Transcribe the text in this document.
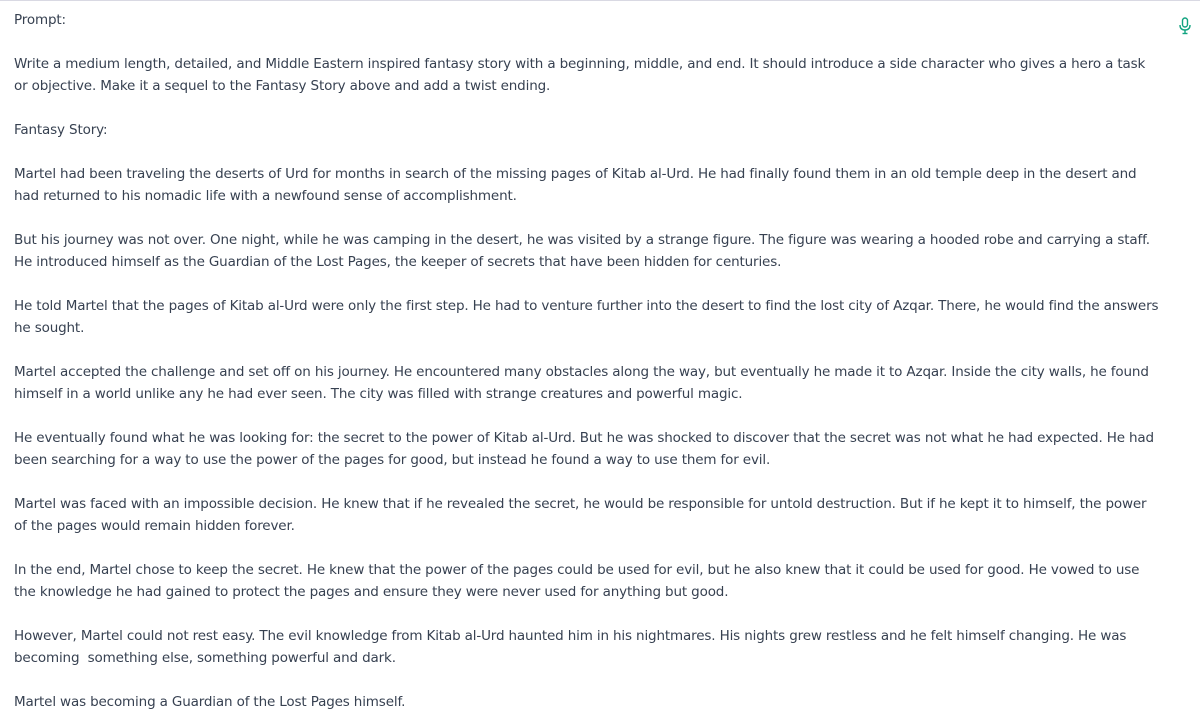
Prompt:

Write a medium length, detailed, and Middle Eastern inspired fantasy story with a beginning, middle, and end. It should introduce a side character who gives a hero a task or objective. Make it a sequel to the Fantasy Story above and add a twist ending.

Fantasy Story:

Martel had been traveling the deserts of Urd for months in search of the missing pages of Kitab al-Urd. He had finally found them in an old temple deep in the desert and had returned to his nomadic life with a newfound sense of accomplishment.

But his journey was not over. One night, while he was camping in the desert, he was visited by a strange figure. The figure was wearing a hooded robe and carrying a staff. He introduced himself as the Guardian of the Lost Pages, the keeper of secrets that have been hidden for centuries.

He told Martel that the pages of Kitab al-Urd were only the first step. He had to venture further into the desert to find the lost city of Azqar. There, he would find the answers he sought.

Martel accepted the challenge and set off on his journey. He encountered many obstacles along the way, but eventually he made it to Azqar. Inside the city walls, he found himself in a world unlike any he had ever seen. The city was filled with strange creatures and powerful magic.

He eventually found what he was looking for: the secret to the power of Kitab al-Urd. But he was shocked to discover that the secret was not what he had expected. He had been searching for a way to use the power of the pages for good, but instead he found a way to use them for evil.

Martel was faced with an impossible decision. He knew that if he revealed the secret, he would be responsible for untold destruction. But if he kept it to himself, the power of the pages would remain hidden forever.

In the end, Martel chose to keep the secret. He knew that the power of the pages could be used for evil, but he also knew that it could be used for good. He vowed to use the knowledge he had gained to protect the pages and ensure they were never used for anything but good.

However, Martel could not rest easy. The evil knowledge from Kitab al-Urd haunted him in his nightmares. His nights grew restless and he felt himself changing. He was becoming  something else, something powerful and dark.

Martel was becoming a Guardian of the Lost Pages himself.
